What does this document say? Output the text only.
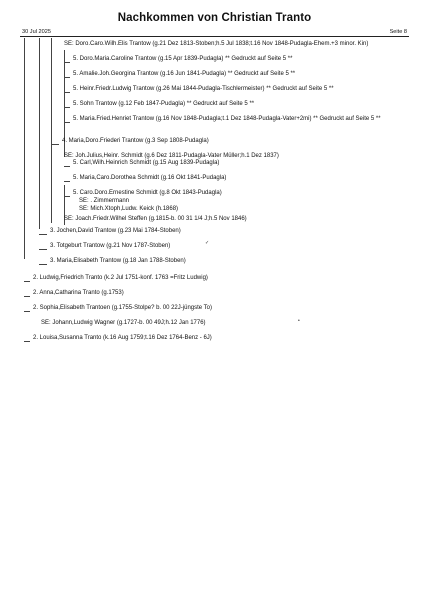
Nachkommen von Christian Tranto
30 Jul 2025	Seite 8
SE: Doro.Caro.Wilh.Elis Trantow (g.21 Dez 1813-Stoben;h.5 Jul 1838;t.16 Nov 1848-Pudagla-Ehem.+3 minor. Kin)
5. Doro.Maria.Caroline Trantow (g.15 Apr 1839-Pudagla) ** Gedruckt auf Seite 5 **
5. Amalie.Joh.Georgina Trantow (g.16 Jun 1841-Pudagla) ** Gedruckt auf Seite 5 **
5. Heinr.Friedr.Ludwig Trantow (g.26 Mai 1844-Pudagla-Tischlermeister) ** Gedruckt auf Seite 5 **
5. Sohn Trantow (g.12 Feb 1847-Pudagla) ** Gedruckt auf Seite 5 **
5. Maria.Fried.Henriet Trantow (g.16 Nov 1848-Pudagla;t.1 Dez 1848-Pudagla-Vater+2mi) ** Gedruckt auf Seite 5 **
4. Maria,Doro.Friederi Trantow (g.3 Sep 1808-Pudagla)
SE: Joh.Julius,Heinr. Schmidt (g.6 Dez 1811-Pudagla-Vater Müller;h.1 Dez 1837)
5. Carl,Wilh.Heinrich Schmidt (g.15 Aug 1839-Pudagla)
5. Maria,Caro.Dorothea Schmidt (g.16 Okt 1841-Pudagla)
5. Caro.Doro.Ernestine Schmidt (g.8 Okt 1843-Pudagla)
SE: . Zimmermann
SE: Mich.Xtoph,Ludw. Keick (h.1868)
SE: Joach.Friedr.Wilhel Steffen (g.1815-b. 00 31 1/4 J;h.5 Nov 1846)
3. Jochen,David Trantow (g.23 Mai 1784-Stoben)
3. Totgeburt Trantow (g.21 Nov 1787-Stoben)
3. Maria,Elisabeth Trantow (g.18 Jan 1788-Stoben)
2. Ludwig,Friedrich Tranto (k.2 Jul 1751-konf. 1763 =Fritz Ludwig)
2. Anna,Catharina Tranto (g.1753)
2. Sophia,Elisabeth Trantoen (g.1755-Stolpe? b. 00 22J-jüngste To)
SE: Johann,Ludwig Wagner (g.1727-b. 00 49J;h.12 Jan 1776)
2. Louisa,Susanna Tranto (k.16 Aug 1759;t.16 Dez 1764-Benz - 6J)
✓
•
